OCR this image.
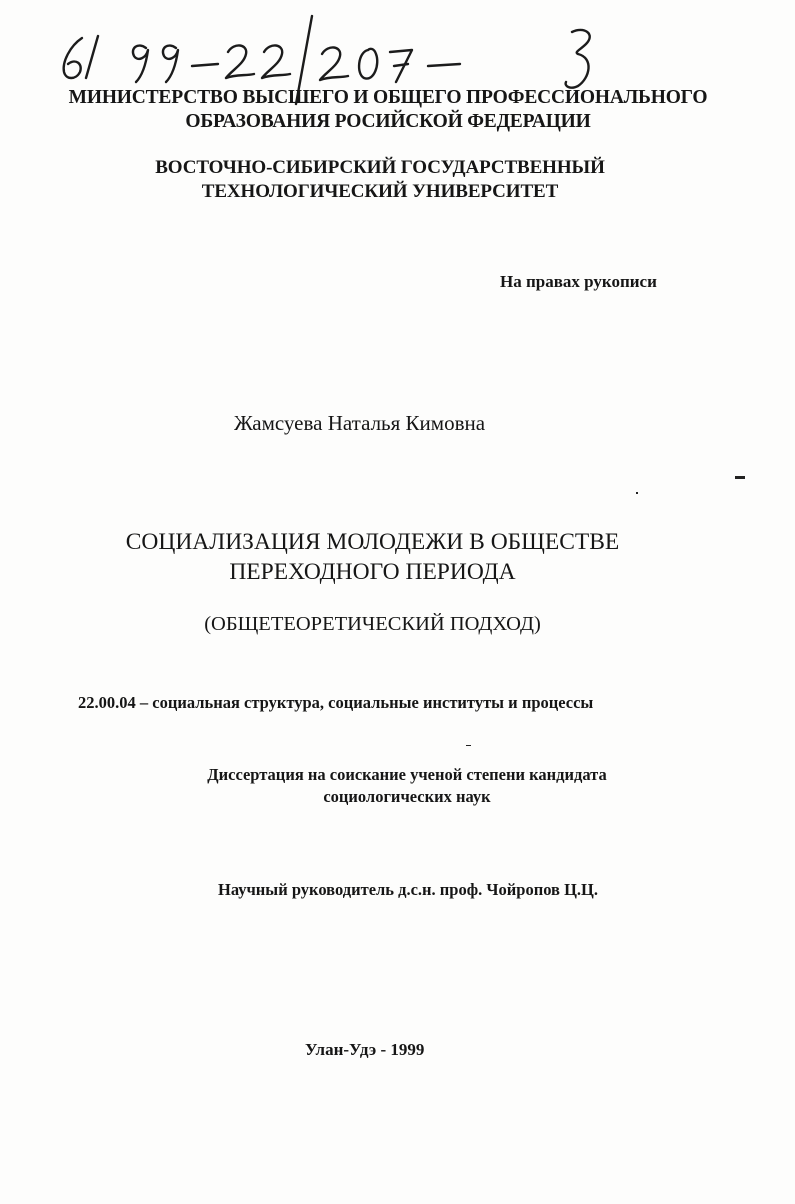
МИНИСТЕРСТВО ВЫСШЕГО И ОБЩЕГО ПРОФЕССИОНАЛЬНОГО
ОБРАЗОВАНИЯ РОСИЙСКОЙ ФЕДЕРАЦИИ
ВОСТОЧНО-СИБИРСКИЙ ГОСУДАРСТВЕННЫЙ
ТЕХНОЛОГИЧЕСКИЙ УНИВЕРСИТЕТ
На правах рукописи
Жамсуева Наталья Кимовна
СОЦИАЛИЗАЦИЯ МОЛОДЕЖИ В ОБЩЕСТВЕ
ПЕРЕХОДНОГО ПЕРИОДА
(ОБЩЕТЕОРЕТИЧЕСКИЙ ПОДХОД)
22.00.04 – социальная структура, социальные институты и процессы
Диссертация на соискание ученой степени кандидата
социологических наук
Научный руководитель д.с.н. проф. Чойропов Ц.Ц.
Улан-Удэ - 1999
